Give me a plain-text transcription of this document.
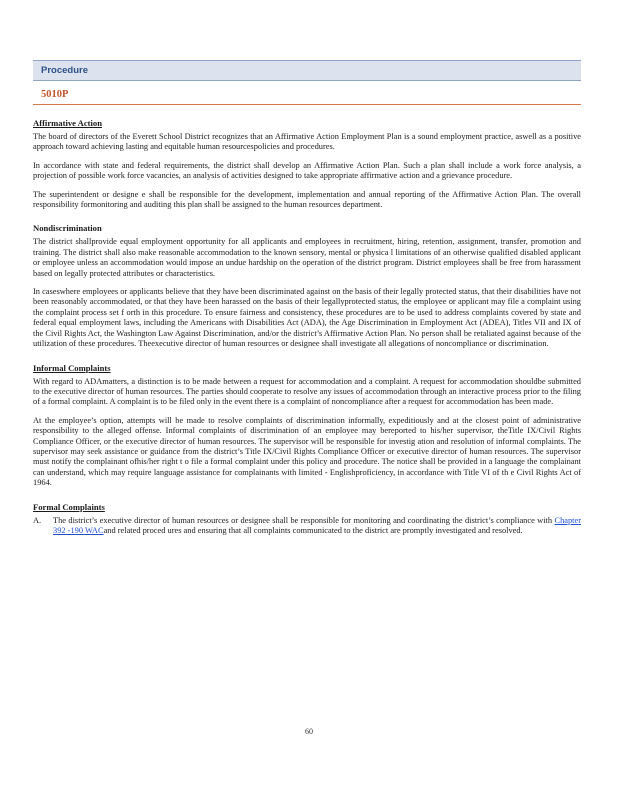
Procedure
5010P
Affirmative Action

The board of directors of the Everett School District recognizes that an Affirmative Action Employment Plan is a sound employment practice, aswell as a positive approach toward achieving lasting and equitable human resourcespolicies and procedures.

In accordance with state and federal requirements, the district shall develop an Affirmative Action Plan. Such a plan shall include a work force analysis, a projection of possible work force vacancies, an analysis of activities designed to take appropriate affirmative action and a grievance procedure.

The superintendent or designe e shall be responsible for the development, implementation and annual reporting of the Affirmative Action Plan. The overall responsibility formonitoring and auditing this plan shall be assigned to the human resources department.

Nondiscrimination

The district shallprovide equal employment opportunity for all applicants and employees in recruitment, hiring, retention, assignment, transfer, promotion and training. The district shall also make reasonable accommodation to the known sensory, mental or physica l limitations of an otherwise qualified disabled applicant or employee unless an accommodation would impose an undue hardship on the operation of the district program. District employees shall be free from harassment based on legally protected attributes or characteristics.

In caseswhere employees or applicants believe that they have been discriminated against on the basis of their legally protected status, that their disabilities have not been reasonably accommodated, or that they have been harassed on the basis of their legallyprotected status, the employee or applicant may file a complaint using the complaint process set f orth in this procedure. To ensure fairness and consistency, these procedures are to be used to address complaints covered by state and federal equal employment laws, including the Americans with Disabilities Act (ADA), the Age Discrimination in Employment Act (ADEA), Titles VII and IX of the Civil Rights Act, the Washington Law Against Discrimination, and/or the district’s Affirmative Action Plan. No person shall be retaliated against because of the utilization of these procedures. Theexecutive director of human resources or designee shall investigate all allegations of noncompliance or discrimination.

Informal Complaints

With regard to ADAmatters, a distinction is to be made between a request for accommodation and a complaint. A request for accommodation shouldbe submitted to the executive director of human resources. The parties should cooperate to resolve any issues of accommodation through an interactive process prior to the filing of a formal complaint. A complaint is to be filed only in the event there is a complaint of noncompliance after a request for accommodation has been made.

At the employee’s option, attempts will be made to resolve complaints of discrimination informally, expeditiously and at the closest point of administrative responsibility to the alleged offense. Informal complaints of discrimination of an employee may bereported to his/her supervisor, theTitle IX/Civil Rights Compliance Officer, or the executive director of human resources. The supervisor will be responsible for investig ation and resolution of informal complaints. The supervisor may seek assistance or guidance from the district’s Title IX/Civil Rights Compliance Officer or executive director of human resources. The supervisor must notify the complainant ofhis/her right t o file a formal complaint under this policy and procedure. The notice shall be provided in a language the complainant can understand, which may require language assistance for complainants with limited - Englishproficiency, in accordance with Title VI of th e Civil Rights Act of 1964.

Formal Complaints
A.	The district’s executive director of human resources or designee shall be responsible for monitoring and coordinating the district’s compliance with Chapter 392 -190 WACand related proced ures and ensuring that all complaints communicated to the district are promptly investigated and resolved.
60
